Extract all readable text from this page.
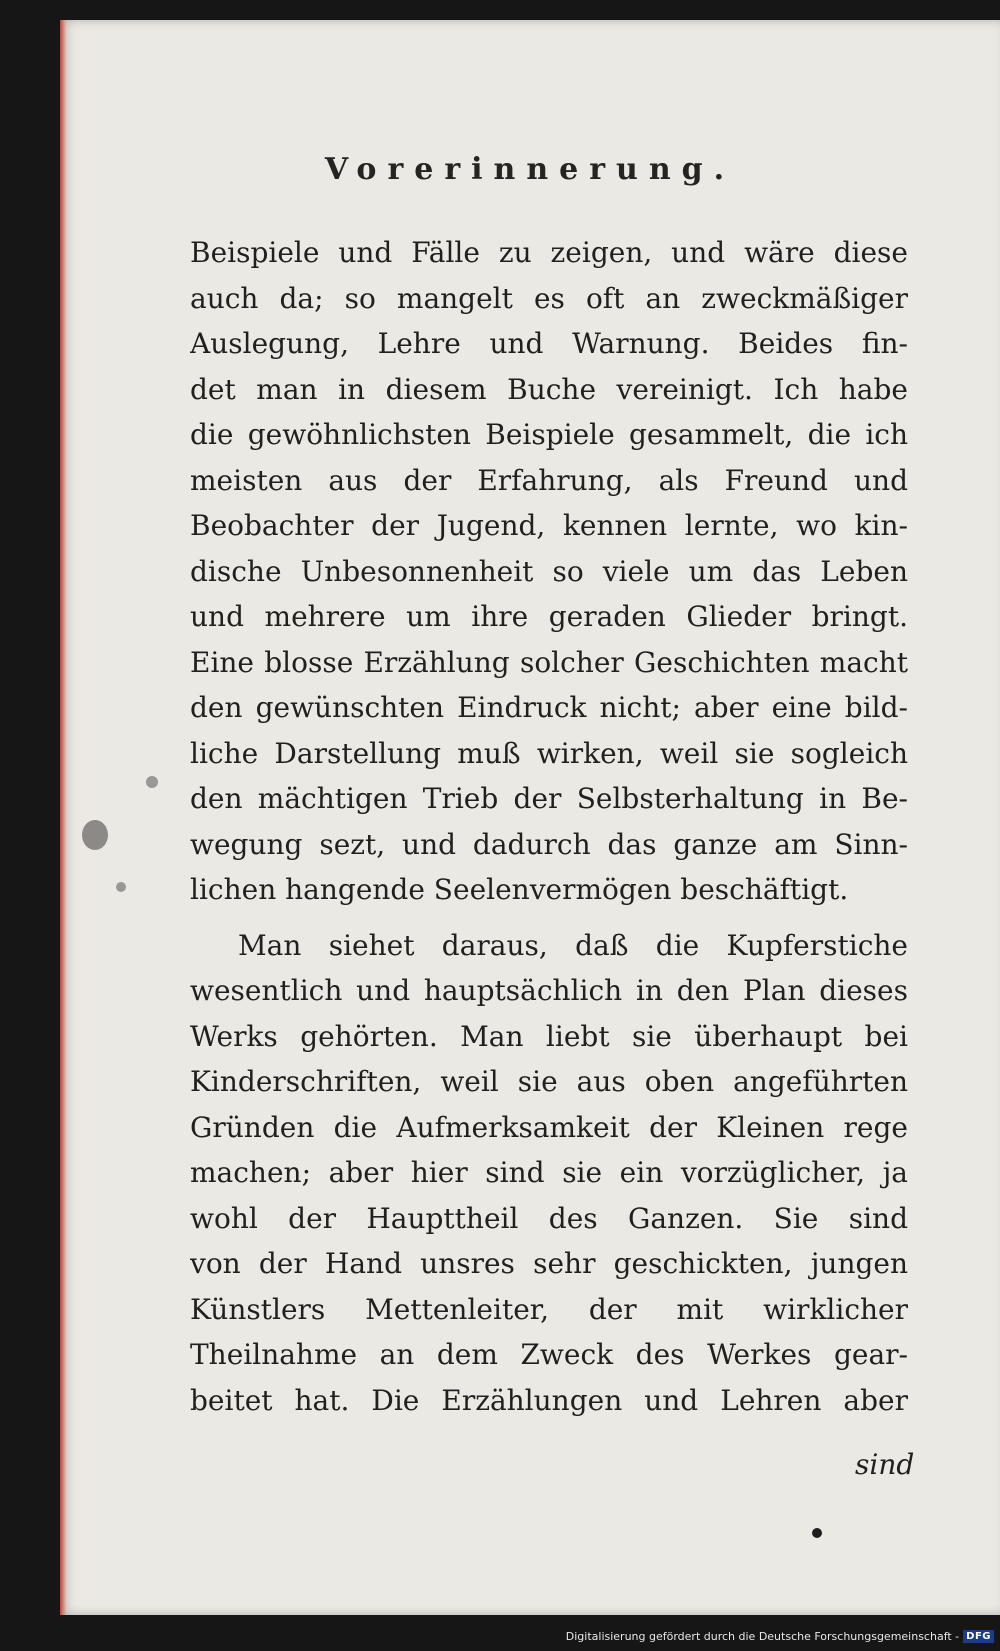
Vorerinnerung.
Beispiele und Fälle zu zeigen, und wäre diese
auch da; so mangelt es oft an zweckmäßiger
Auslegung, Lehre und Warnung. Beides fin-
det man in diesem Buche vereinigt. Ich habe
die gewöhnlichsten Beispiele gesammelt, die ich
meisten aus der Erfahrung, als Freund und
Beobachter der Jugend, kennen lernte, wo kin-
dische Unbesonnenheit so viele um das Leben
und mehrere um ihre geraden Glieder bringt.
Eine blosse Erzählung solcher Geschichten macht
den gewünschten Eindruck nicht; aber eine bild-
liche Darstellung muß wirken, weil sie sogleich
den mächtigen Trieb der Selbsterhaltung in Be-
wegung sezt, und dadurch das ganze am Sinn-
lichen hangende Seelenvermögen beschäftigt.
Man siehet daraus, daß die Kupferstiche
wesentlich und hauptsächlich in den Plan dieses
Werks gehörten. Man liebt sie überhaupt bei
Kinderschriften, weil sie aus oben angeführten
Gründen die Aufmerksamkeit der Kleinen rege
machen; aber hier sind sie ein vorzüglicher, ja
wohl der Haupttheil des Ganzen. Sie sind
von der Hand unsres sehr geschickten, jungen
Künstlers Mettenleiter, der mit wirklicher
Theilnahme an dem Zweck des Werkes gear-
beitet hat. Die Erzählungen und Lehren aber
sind
Digitalisierung gefördert durch die Deutsche Forschungsgemeinschaft - DFG
